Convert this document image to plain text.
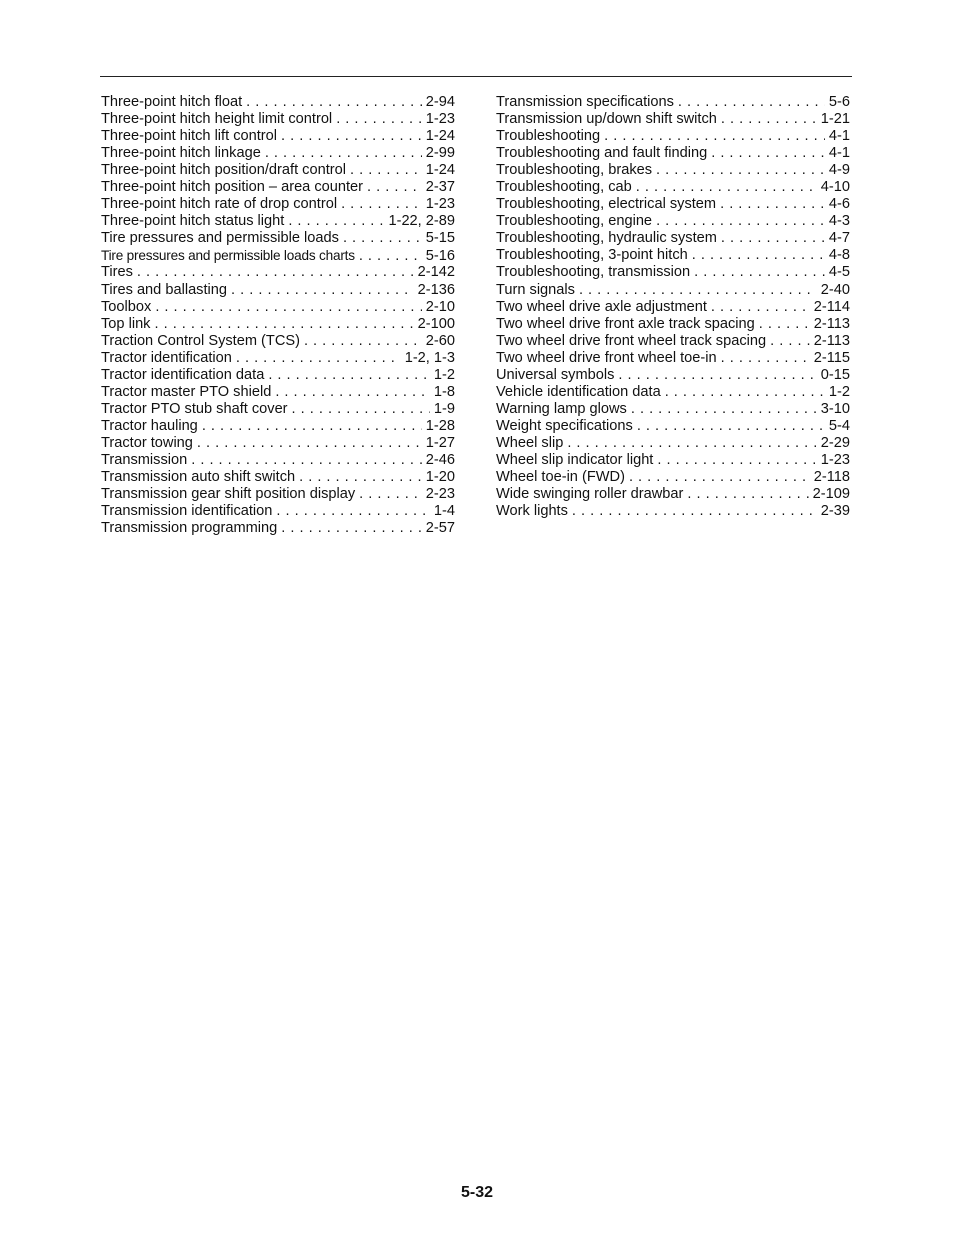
Three-point hitch float . . .	2-94
Three-point hitch height limit control . . .	1-23
Three-point hitch lift control . . .	1-24
Three-point hitch linkage . . .	2-99
Three-point hitch position/draft control . . .	1-24
Three-point hitch position – area counter . . .	2-37
Three-point hitch rate of drop control . . .	1-23
Three-point hitch status light . . .	1-22, 2-89
Tire pressures and permissible loads . . .	5-15
Tire pressures and permissible loads charts . . .	5-16
Tires . . .	2-142
Tires and ballasting . . .	2-136
Toolbox . . .	2-10
Top link . . .	2-100
Traction Control System (TCS) . . .	2-60
Tractor identification . . .	1-2, 1-3
Tractor identification data . . .	1-2
Tractor master PTO shield . . .	1-8
Tractor PTO stub shaft cover . . .	1-9
Tractor hauling . . .	1-28
Tractor towing . . .	1-27
Transmission . . .	2-46
Transmission auto shift switch . . .	1-20
Transmission gear shift position display . . .	2-23
Transmission identification . . .	1-4
Transmission programming . . .	2-57
Transmission specifications . . .	5-6
Transmission up/down shift switch . . .	1-21
Troubleshooting . . .	4-1
Troubleshooting and fault finding . . .	4-1
Troubleshooting, brakes . . .	4-9
Troubleshooting, cab . . .	4-10
Troubleshooting, electrical system . . .	4-6
Troubleshooting, engine . . .	4-3
Troubleshooting, hydraulic system . . .	4-7
Troubleshooting, 3-point hitch . . .	4-8
Troubleshooting, transmission . . .	4-5
Turn signals . . .	2-40
Two wheel drive axle adjustment . . .	2-114
Two wheel drive front axle track spacing . . .	2-113
Two wheel drive front wheel track spacing . . .	2-113
Two wheel drive front wheel toe-in . . .	2-115
Universal symbols . . .	0-15
Vehicle identification data . . .	1-2
Warning lamp glows . . .	3-10
Weight specifications . . .	5-4
Wheel slip . . .	2-29
Wheel slip indicator light . . .	1-23
Wheel toe-in (FWD) . . .	2-118
Wide swinging roller drawbar . . .	2-109
Work lights . . .	2-39
5-32
